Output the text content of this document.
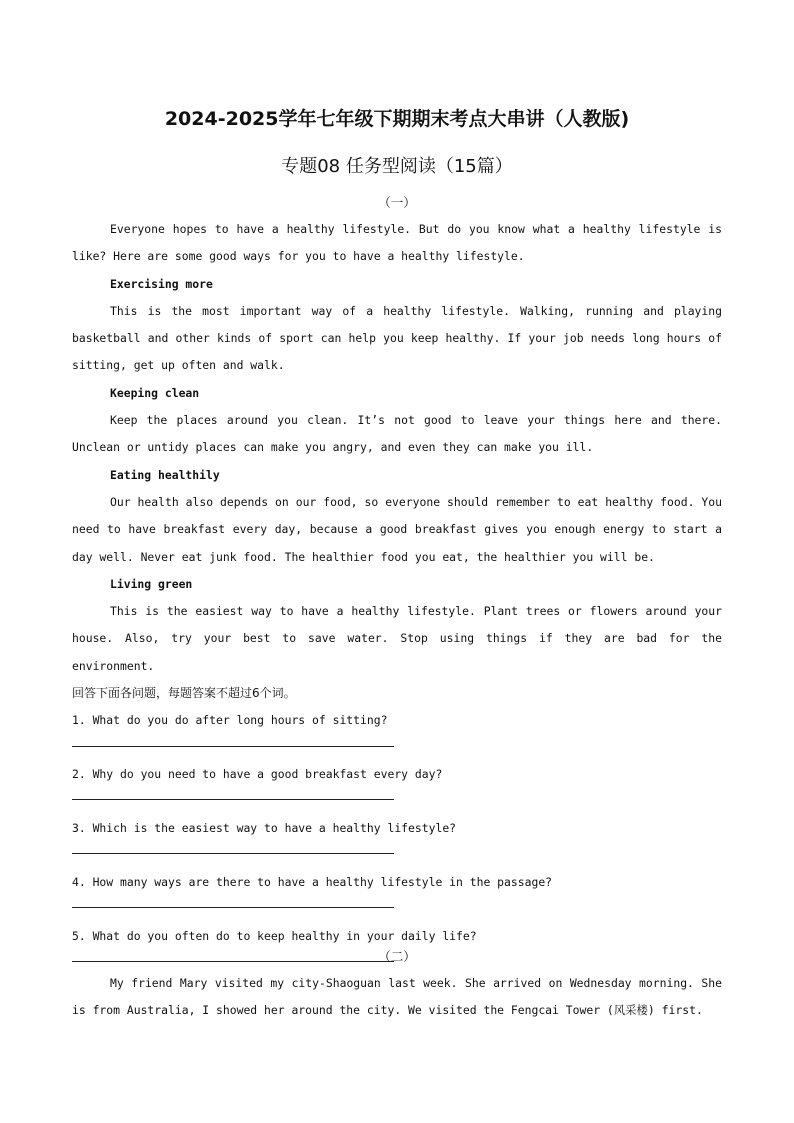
2024-2025学年七年级下期期末考点大串讲（人教版)
专题08 任务型阅读（15篇）
（一）

Everyone hopes to have a healthy lifestyle. But do you know what a healthy lifestyle is like? Here are some good ways for you to have a healthy lifestyle.

Exercising more

This is the most important way of a healthy lifestyle. Walking, running and playing basketball and other kinds of sport can help you keep healthy. If your job needs long hours of sitting, get up often and walk.

Keeping clean

Keep the places around you clean. It’s not good to leave your things here and there. Unclean or untidy places can make you angry, and even they can make you ill.

Eating healthily

Our health also depends on our food, so everyone should remember to eat healthy food. You need to have breakfast every day, because a good breakfast gives you enough energy to start a day well. Never eat junk food. The healthier food you eat, the healthier you will be.

Living green

This is the easiest way to have a healthy lifestyle. Plant trees or flowers around your house. Also, try your best to save water. Stop using things if they are bad for the environment.

回答下面各问题，每题答案不超过6个词。

1. What do you do after long hours of sitting?

2. Why do you need to have a good breakfast every day?

3. Which is the easiest way to have a healthy lifestyle?

4. How many ways are there to have a healthy lifestyle in the passage?

5. What do you often do to keep healthy in your daily life?

（二）

My friend Mary visited my city-Shaoguan last week. She arrived on Wednesday morning. She is from Australia, I showed her around the city. We visited the Fengcai Tower (风采楼) first.
